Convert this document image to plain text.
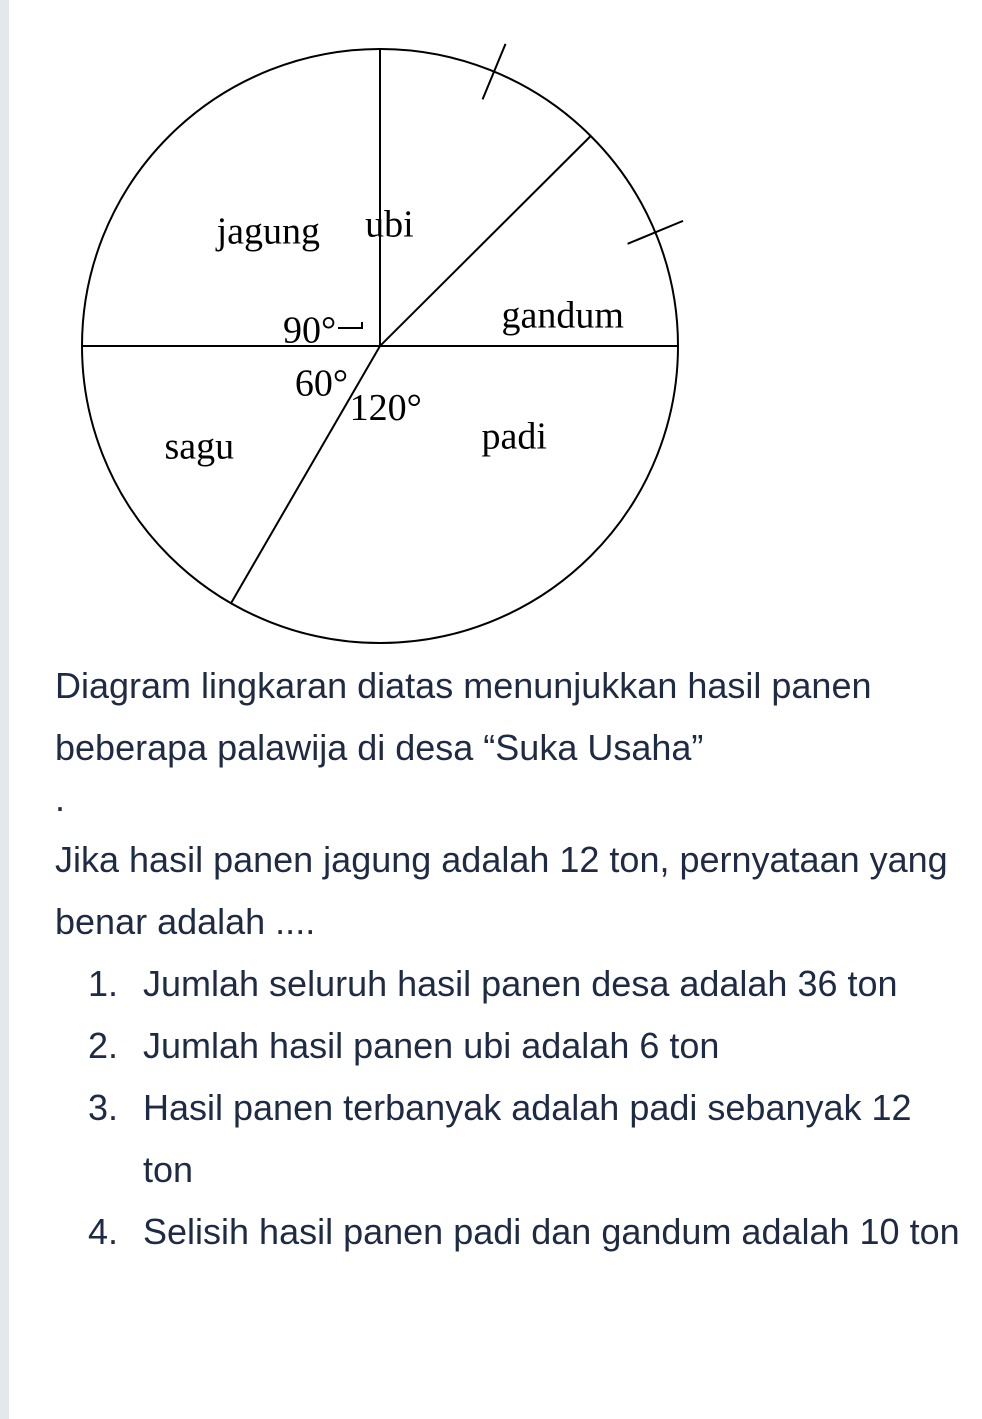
jagung
90°
sagu
60°
padi
120°
gandum
ubi

Diagram lingkaran diatas menunjukkan hasil panen beberapa palawija di desa “Suka Usaha”

.

Jika hasil panen jagung adalah 12 ton, pernyataan yang benar adalah ....

1. Jumlah seluruh hasil panen desa adalah 36 ton
2. Jumlah hasil panen ubi adalah 6 ton
3. Hasil panen terbanyak adalah padi sebanyak 12 ton
4. Selisih hasil panen padi dan gandum adalah 10 ton
